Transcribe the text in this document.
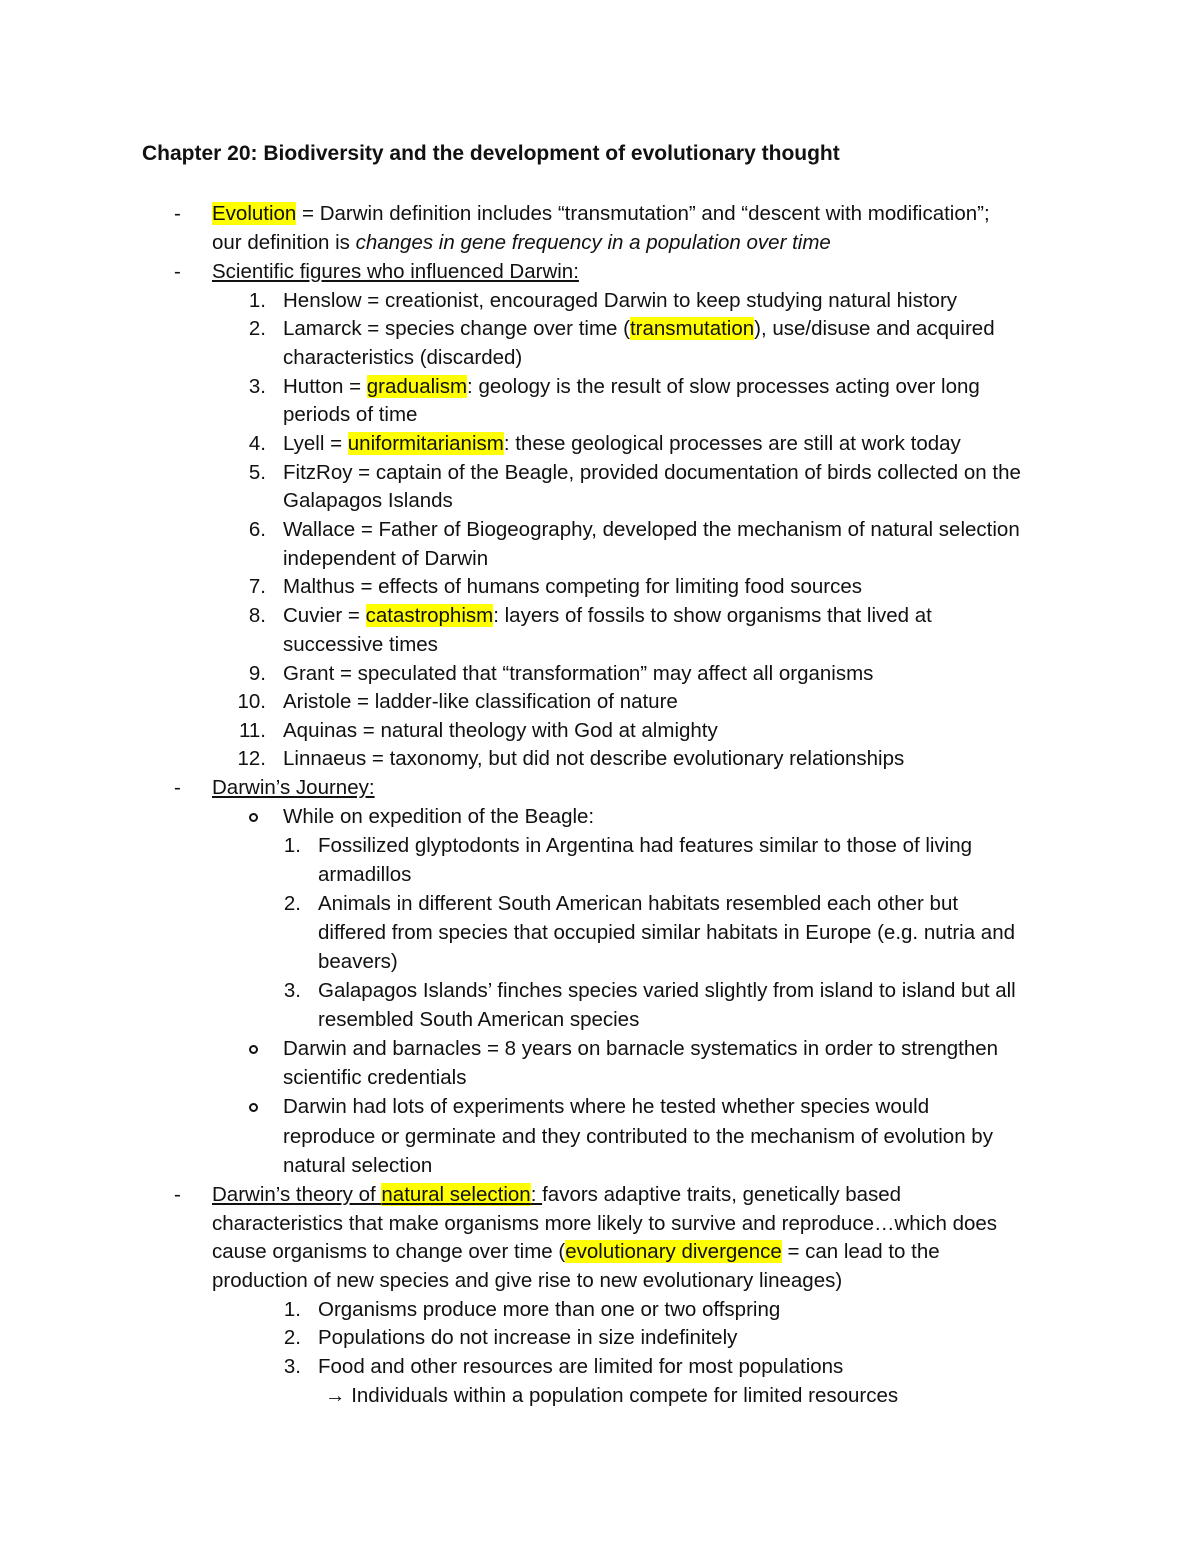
Chapter 20: Biodiversity and the development of evolutionary thought
- Evolution = Darwin definition includes “transmutation” and “descent with modification”;
our definition is changes in gene frequency in a population over time
- Scientific figures who influenced Darwin:
1. Henslow = creationist, encouraged Darwin to keep studying natural history
2. Lamarck = species change over time (transmutation), use/disuse and acquired
characteristics (discarded)
3. Hutton = gradualism: geology is the result of slow processes acting over long
periods of time
4. Lyell = uniformitarianism: these geological processes are still at work today
5. FitzRoy = captain of the Beagle, provided documentation of birds collected on the
Galapagos Islands
6. Wallace = Father of Biogeography, developed the mechanism of natural selection
independent of Darwin
7. Malthus = effects of humans competing for limiting food sources
8. Cuvier = catastrophism: layers of fossils to show organisms that lived at
successive times
9. Grant = speculated that “transformation” may affect all organisms
10. Aristole = ladder-like classification of nature
11. Aquinas = natural theology with God at almighty
12. Linnaeus = taxonomy, but did not describe evolutionary relationships
- Darwin’s Journey:
While on expedition of the Beagle:
1. Fossilized glyptodonts in Argentina had features similar to those of living
armadillos
2. Animals in different South American habitats resembled each other but
differed from species that occupied similar habitats in Europe (e.g. nutria and
beavers)
3. Galapagos Islands’ finches species varied slightly from island to island but all
resembled South American species
Darwin and barnacles = 8 years on barnacle systematics in order to strengthen
scientific credentials
Darwin had lots of experiments where he tested whether species would
reproduce or germinate and they contributed to the mechanism of evolution by
natural selection
- Darwin’s theory of natural selection: favors adaptive traits, genetically based
characteristics that make organisms more likely to survive and reproduce…which does
cause organisms to change over time (evolutionary divergence = can lead to the
production of new species and give rise to new evolutionary lineages)
1. Organisms produce more than one or two offspring
2. Populations do not increase in size indefinitely
3. Food and other resources are limited for most populations
→ Individuals within a population compete for limited resources
